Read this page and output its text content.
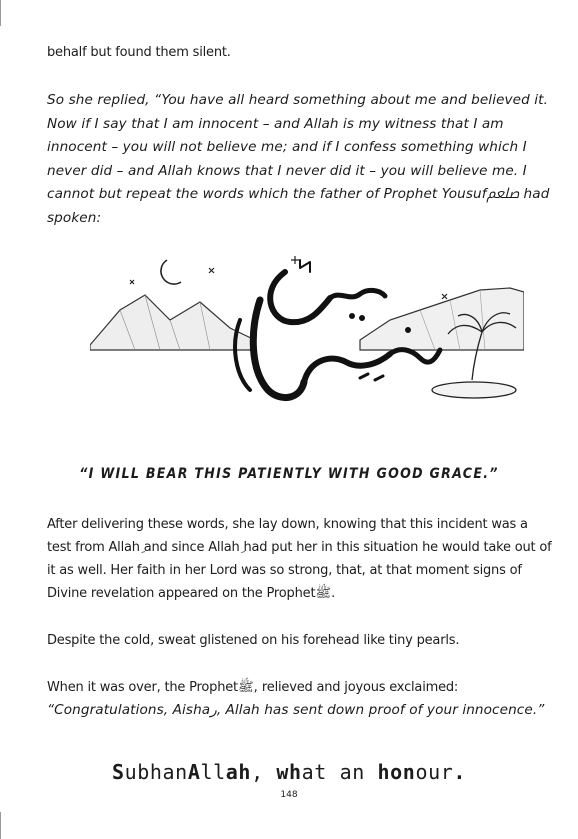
behalf but found them silent.

So she replied, “You have all heard something about me and believed it. Now if I say that I am innocent – and Allah is my witness that I am innocent – you will not believe me; and if I confess something which I never did – and Allah knows that I never did it – you will believe me. I cannot but repeat the words which the father of Prophet Yousufﷵ had spoken:

“I WILL BEAR THIS PATIENTLY WITH GOOD GRACE.”

After delivering these words, she lay down, knowing that this incident was a test from Allahِ and since Allahِ had put her in this situation he would take out of it as well. Her faith in her Lord was so strong, that, at that moment signs of Divine revelation appeared on the Prophetﷺ.

Despite the cold, sweat glistened on his forehead like tiny pearls.

When it was over, the Prophetﷺ, relieved and joyous exclaimed:

“Congratulations, Aishaر, Allah has sent down proof of your innocence.”

SubhanAllah, what an honour.
148
